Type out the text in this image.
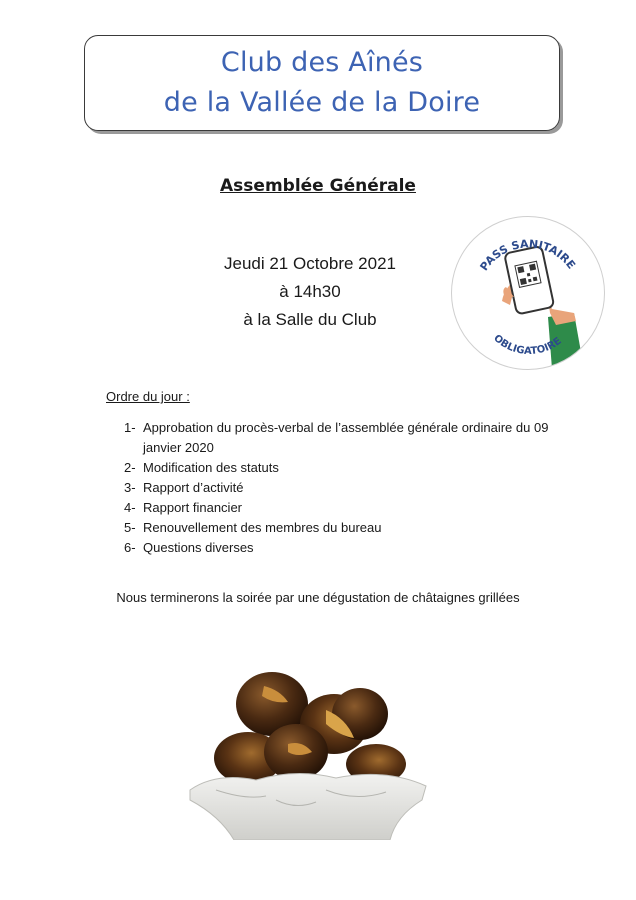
Club des Aînés
de la Vallée de la Doire
Assemblée Générale
Jeudi 21 Octobre 2021
à 14h30
à la Salle du Club
PASS SANITAIRE
OBLIGATOIRE
Ordre du jour :
1- Approbation du procès-verbal de l’assemblée générale ordinaire du 09 janvier 2020
2- Modification des statuts
3- Rapport d’activité
4- Rapport financier
5- Renouvellement des membres du bureau
6- Questions diverses
Nous terminerons la soirée par une dégustation de châtaignes grillées
